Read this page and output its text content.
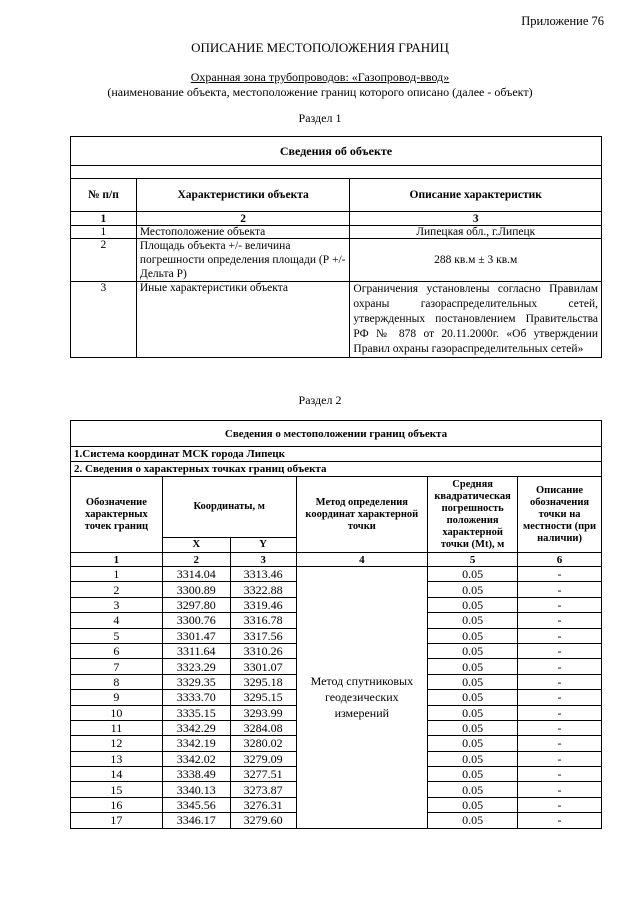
Приложение 76
ОПИСАНИЕ МЕСТОПОЛОЖЕНИЯ ГРАНИЦ
Охранная зона трубопроводов: «Газопровод-ввод»
(наименование объекта, местоположение границ которого описано (далее - объект)
Раздел 1
Сведения об объекте		

№ п/п	Характеристики объекта	Описание характеристик
1	2	3
1	Местоположение объекта	Липецкая обл., г.Липецк
2	Площадь объекта +/- величина погрешности определения площади (Р +/- Дельта Р)	288 кв.м ± 3 кв.м
3	Иные характеристики объекта	Ограничения установлены согласно Правилам охраны газораспределительных сетей, утвержденных постановлением Правительства РФ № 878 от 20.11.2000г. «Об утверждении Правил охраны газораспределительных сетей»
Раздел 2
Сведения о местоположении границ объекта					
1.Система координат МСК города Липецк					
2. Сведения о характерных точках границ объекта					
Обозначение характерных точек границ	Координаты, м		Метод определения координат характерной точки	Средняя квадратическая погрешность положения характерной точки (Mt), м	Описание обозначения точки на местности (при наличии)
	X	Y			
1	2	3	4	5	6
1	3314.04	3313.46	Метод спутниковых геодезических измерений	0.05	-
2	3300.89	3322.88		0.05	-
3	3297.80	3319.46		0.05	-
4	3300.76	3316.78		0.05	-
5	3301.47	3317.56		0.05	-
6	3311.64	3310.26		0.05	-
7	3323.29	3301.07		0.05	-
8	3329.35	3295.18		0.05	-
9	3333.70	3295.15		0.05	-
10	3335.15	3293.99		0.05	-
11	3342.29	3284.08		0.05	-
12	3342.19	3280.02		0.05	-
13	3342.02	3279.09		0.05	-
14	3338.49	3277.51		0.05	-
15	3340.13	3273.87		0.05	-
16	3345.56	3276.31		0.05	-
17	3346.17	3279.60		0.05	-
